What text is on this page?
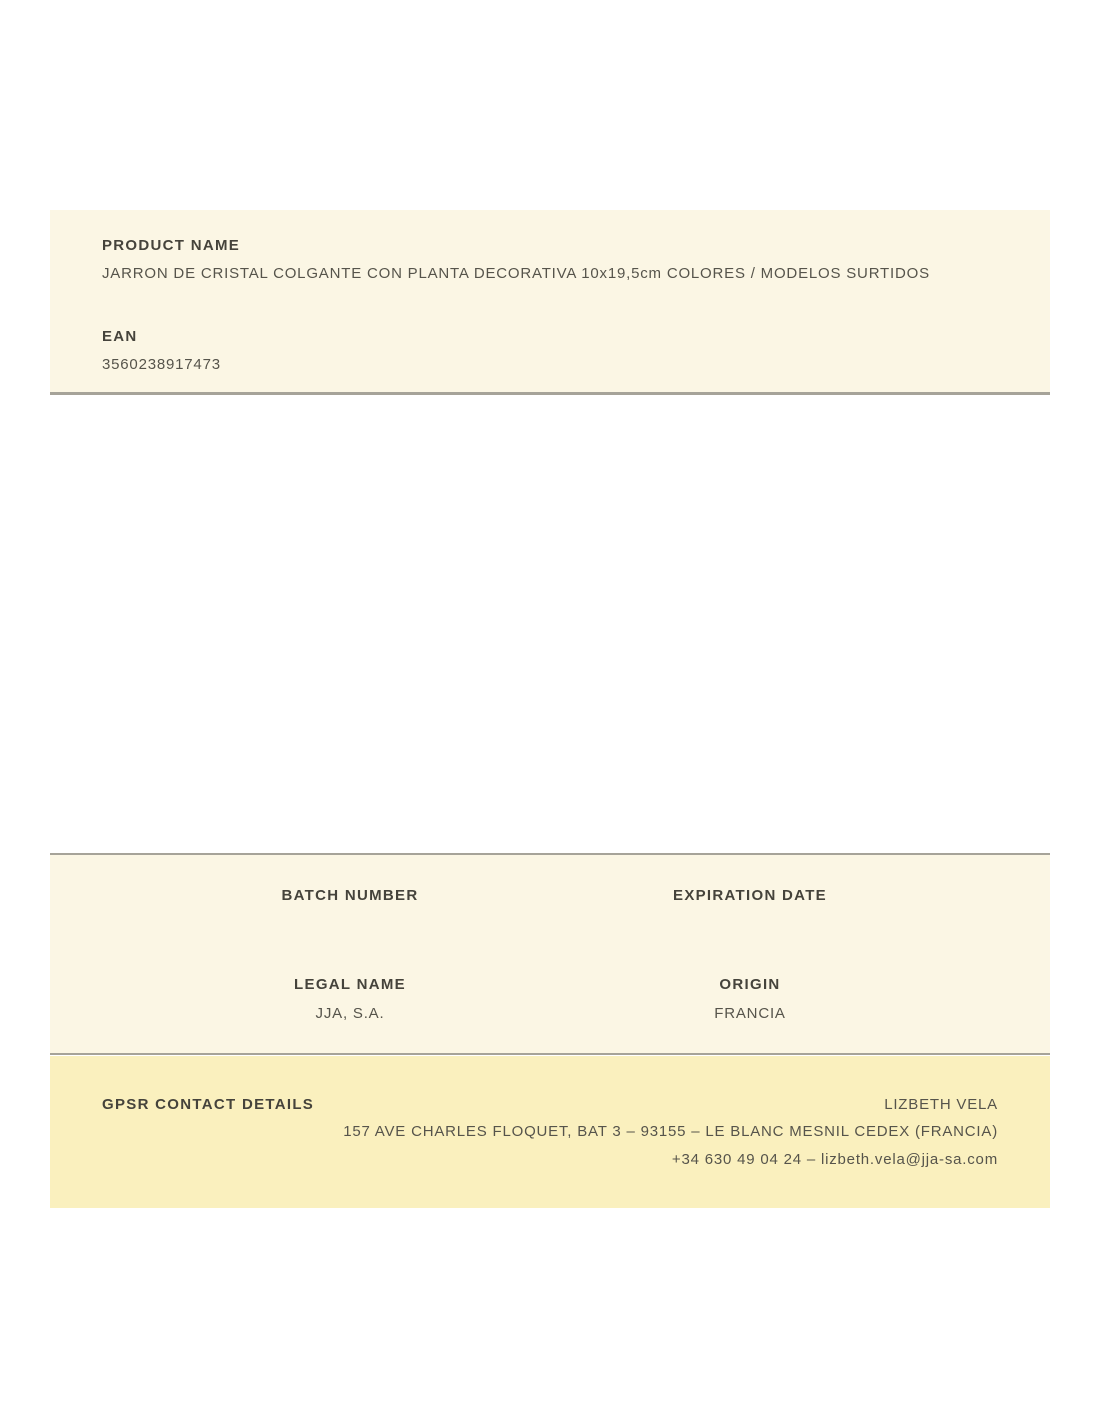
PRODUCT NAME
JARRON DE CRISTAL COLGANTE CON PLANTA DECORATIVA 10x19,5cm COLORES / MODELOS SURTIDOS
EAN
3560238917473
BATCH NUMBER
LEGAL NAME
JJA, S.A.
EXPIRATION DATE
ORIGIN
FRANCIA
GPSR CONTACT DETAILS	LIZBETH VELA
157 AVE CHARLES FLOQUET, BAT 3 – 93155 – LE BLANC MESNIL CEDEX (FRANCIA)
+34 630 49 04 24 – lizbeth.vela@jja-sa.com
